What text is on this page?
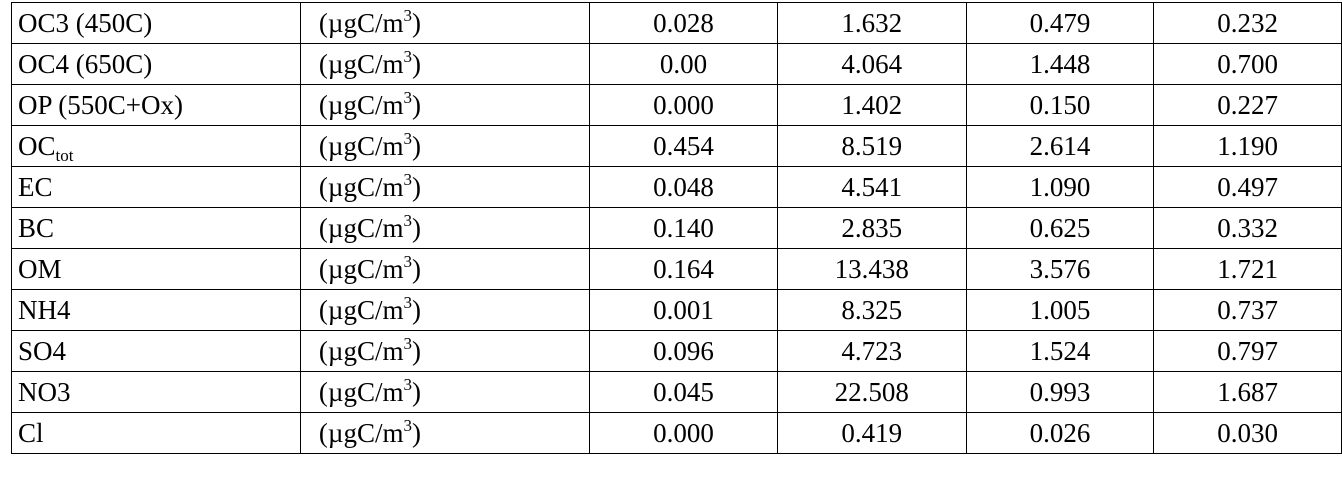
OC3 (450C)	$(\mu gC/m^3)$	0.028	1.632	0.479	0.232
OC4 (650C)	$(\mu gC/m^3)$	0.00	4.064	1.448	0.700
OP (550C+Ox)	$(\mu gC/m^3)$	0.000	1.402	0.150	0.227
$OC_{tot}$	$(\mu gC/m^3)$	0.454	8.519	2.614	1.190
EC	$(\mu gC/m^3)$	0.048	4.541	1.090	0.497
BC	$(\mu gC/m^3)$	0.140	2.835	0.625	0.332
OM	$(\mu gC/m^3)$	0.164	13.438	3.576	1.721
NH4	$(\mu gC/m^3)$	0.001	8.325	1.005	0.737
SO4	$(\mu gC/m^3)$	0.096	4.723	1.524	0.797
NO3	$(\mu gC/m^3)$	0.045	22.508	0.993	1.687
Cl	$(\mu gC/m^3)$	0.000	0.419	0.026	0.030
